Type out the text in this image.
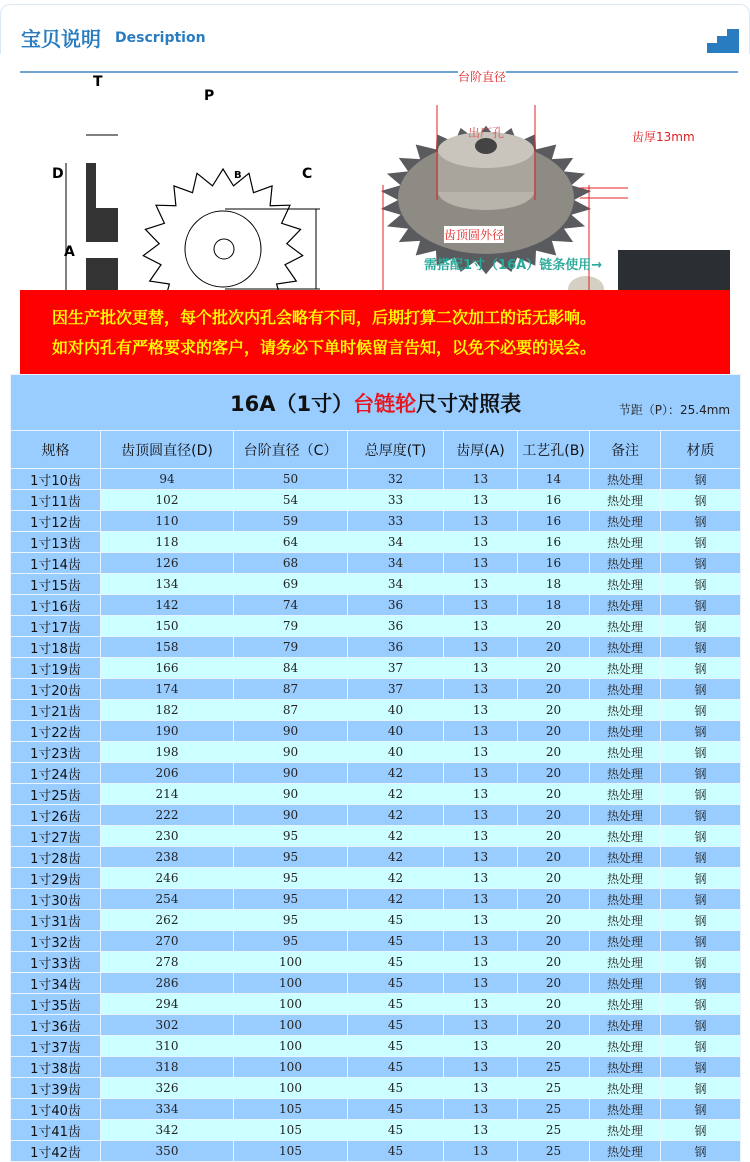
宝贝说明 Description
T
D
A
P
B	C
台阶直径
出厂孔	齿厚13mm
齿顶圆外径
需搭配1寸（16A）链条使用→
因生产批次更替，每个批次内孔会略有不同，后期打算二次加工的话无影响。
如对内孔有严格要求的客户，请务必下单时候留言告知，以免不必要的误会。
16A（1寸）台链轮尺寸对照表 节距（P）：25.4mm							

规格	齿顶圆直径(D)	台阶直径（C）	总厚度(T)	齿厚(A)	工艺孔(B)	备注	材质
1寸10齿	94	50	32	13	14	热处理	钢
1寸11齿	102	54	33	13	16	热处理	钢
1寸12齿	110	59	33	13	16	热处理	钢
1寸13齿	118	64	34	13	16	热处理	钢
1寸14齿	126	68	34	13	16	热处理	钢
1寸15齿	134	69	34	13	18	热处理	钢
1寸16齿	142	74	36	13	18	热处理	钢
1寸17齿	150	79	36	13	20	热处理	钢
1寸18齿	158	79	36	13	20	热处理	钢
1寸19齿	166	84	37	13	20	热处理	钢
1寸20齿	174	87	37	13	20	热处理	钢
1寸21齿	182	87	40	13	20	热处理	钢
1寸22齿	190	90	40	13	20	热处理	钢
1寸23齿	198	90	40	13	20	热处理	钢
1寸24齿	206	90	42	13	20	热处理	钢
1寸25齿	214	90	42	13	20	热处理	钢
1寸26齿	222	90	42	13	20	热处理	钢
1寸27齿	230	95	42	13	20	热处理	钢
1寸28齿	238	95	42	13	20	热处理	钢
1寸29齿	246	95	42	13	20	热处理	钢
1寸30齿	254	95	42	13	20	热处理	钢
1寸31齿	262	95	45	13	20	热处理	钢
1寸32齿	270	95	45	13	20	热处理	钢
1寸33齿	278	100	45	13	20	热处理	钢
1寸34齿	286	100	45	13	20	热处理	钢
1寸35齿	294	100	45	13	20	热处理	钢
1寸36齿	302	100	45	13	20	热处理	钢
1寸37齿	310	100	45	13	20	热处理	钢
1寸38齿	318	100	45	13	25	热处理	钢
1寸39齿	326	100	45	13	25	热处理	钢
1寸40齿	334	105	45	13	25	热处理	钢
1寸41齿	342	105	45	13	25	热处理	钢
1寸42齿	350	105	45	13	25	热处理	钢
